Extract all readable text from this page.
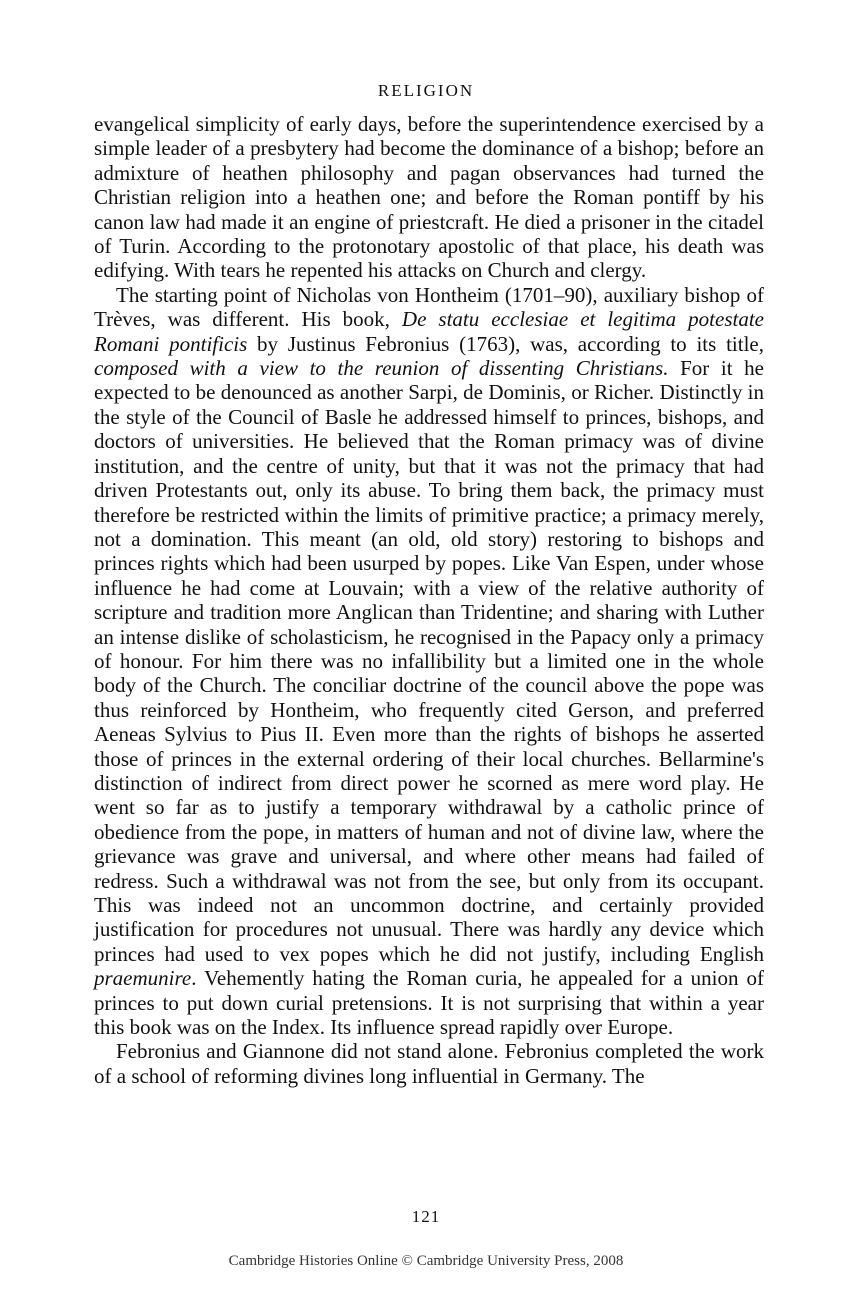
RELIGION

evangelical simplicity of early days, before the superintendence exercised by a simple leader of a presbytery had become the dominance of a bishop; before an admixture of heathen philosophy and pagan observances had turned the Christian religion into a heathen one; and before the Roman pontiff by his canon law had made it an engine of priestcraft. He died a prisoner in the citadel of Turin. According to the protonotary apostolic of that place, his death was edifying. With tears he repented his attacks on Church and clergy.

The starting point of Nicholas von Hontheim (1701–90), auxiliary bishop of Trèves, was different. His book, De statu ecclesiae et legitima potestate Romani pontificis by Justinus Febronius (1763), was, according to its title, composed with a view to the reunion of dissenting Christians. For it he expected to be denounced as another Sarpi, de Dominis, or Richer. Distinctly in the style of the Council of Basle he addressed himself to princes, bishops, and doctors of universities. He believed that the Roman primacy was of divine institution, and the centre of unity, but that it was not the primacy that had driven Protestants out, only its abuse. To bring them back, the primacy must therefore be restricted within the limits of primitive practice; a primacy merely, not a domination. This meant (an old, old story) restoring to bishops and princes rights which had been usurped by popes. Like Van Espen, under whose influence he had come at Louvain; with a view of the relative authority of scripture and tradition more Anglican than Tridentine; and sharing with Luther an intense dislike of scholasticism, he recognised in the Papacy only a primacy of honour. For him there was no infallibility but a limited one in the whole body of the Church. The conciliar doctrine of the council above the pope was thus reinforced by Hontheim, who frequently cited Gerson, and preferred Aeneas Sylvius to Pius II. Even more than the rights of bishops he asserted those of princes in the external ordering of their local churches. Bellarmine's distinction of indirect from direct power he scorned as mere word play. He went so far as to justify a temporary withdrawal by a catholic prince of obedience from the pope, in matters of human and not of divine law, where the grievance was grave and universal, and where other means had failed of redress. Such a withdrawal was not from the see, but only from its occupant. This was indeed not an uncommon doctrine, and certainly provided justification for procedures not unusual. There was hardly any device which princes had used to vex popes which he did not justify, including English praemunire. Vehemently hating the Roman curia, he appealed for a union of princes to put down curial pretensions. It is not surprising that within a year this book was on the Index. Its influence spread rapidly over Europe.

Febronius and Giannone did not stand alone. Febronius completed the work of a school of reforming divines long influential in Germany. The

121
Cambridge Histories Online © Cambridge University Press, 2008
